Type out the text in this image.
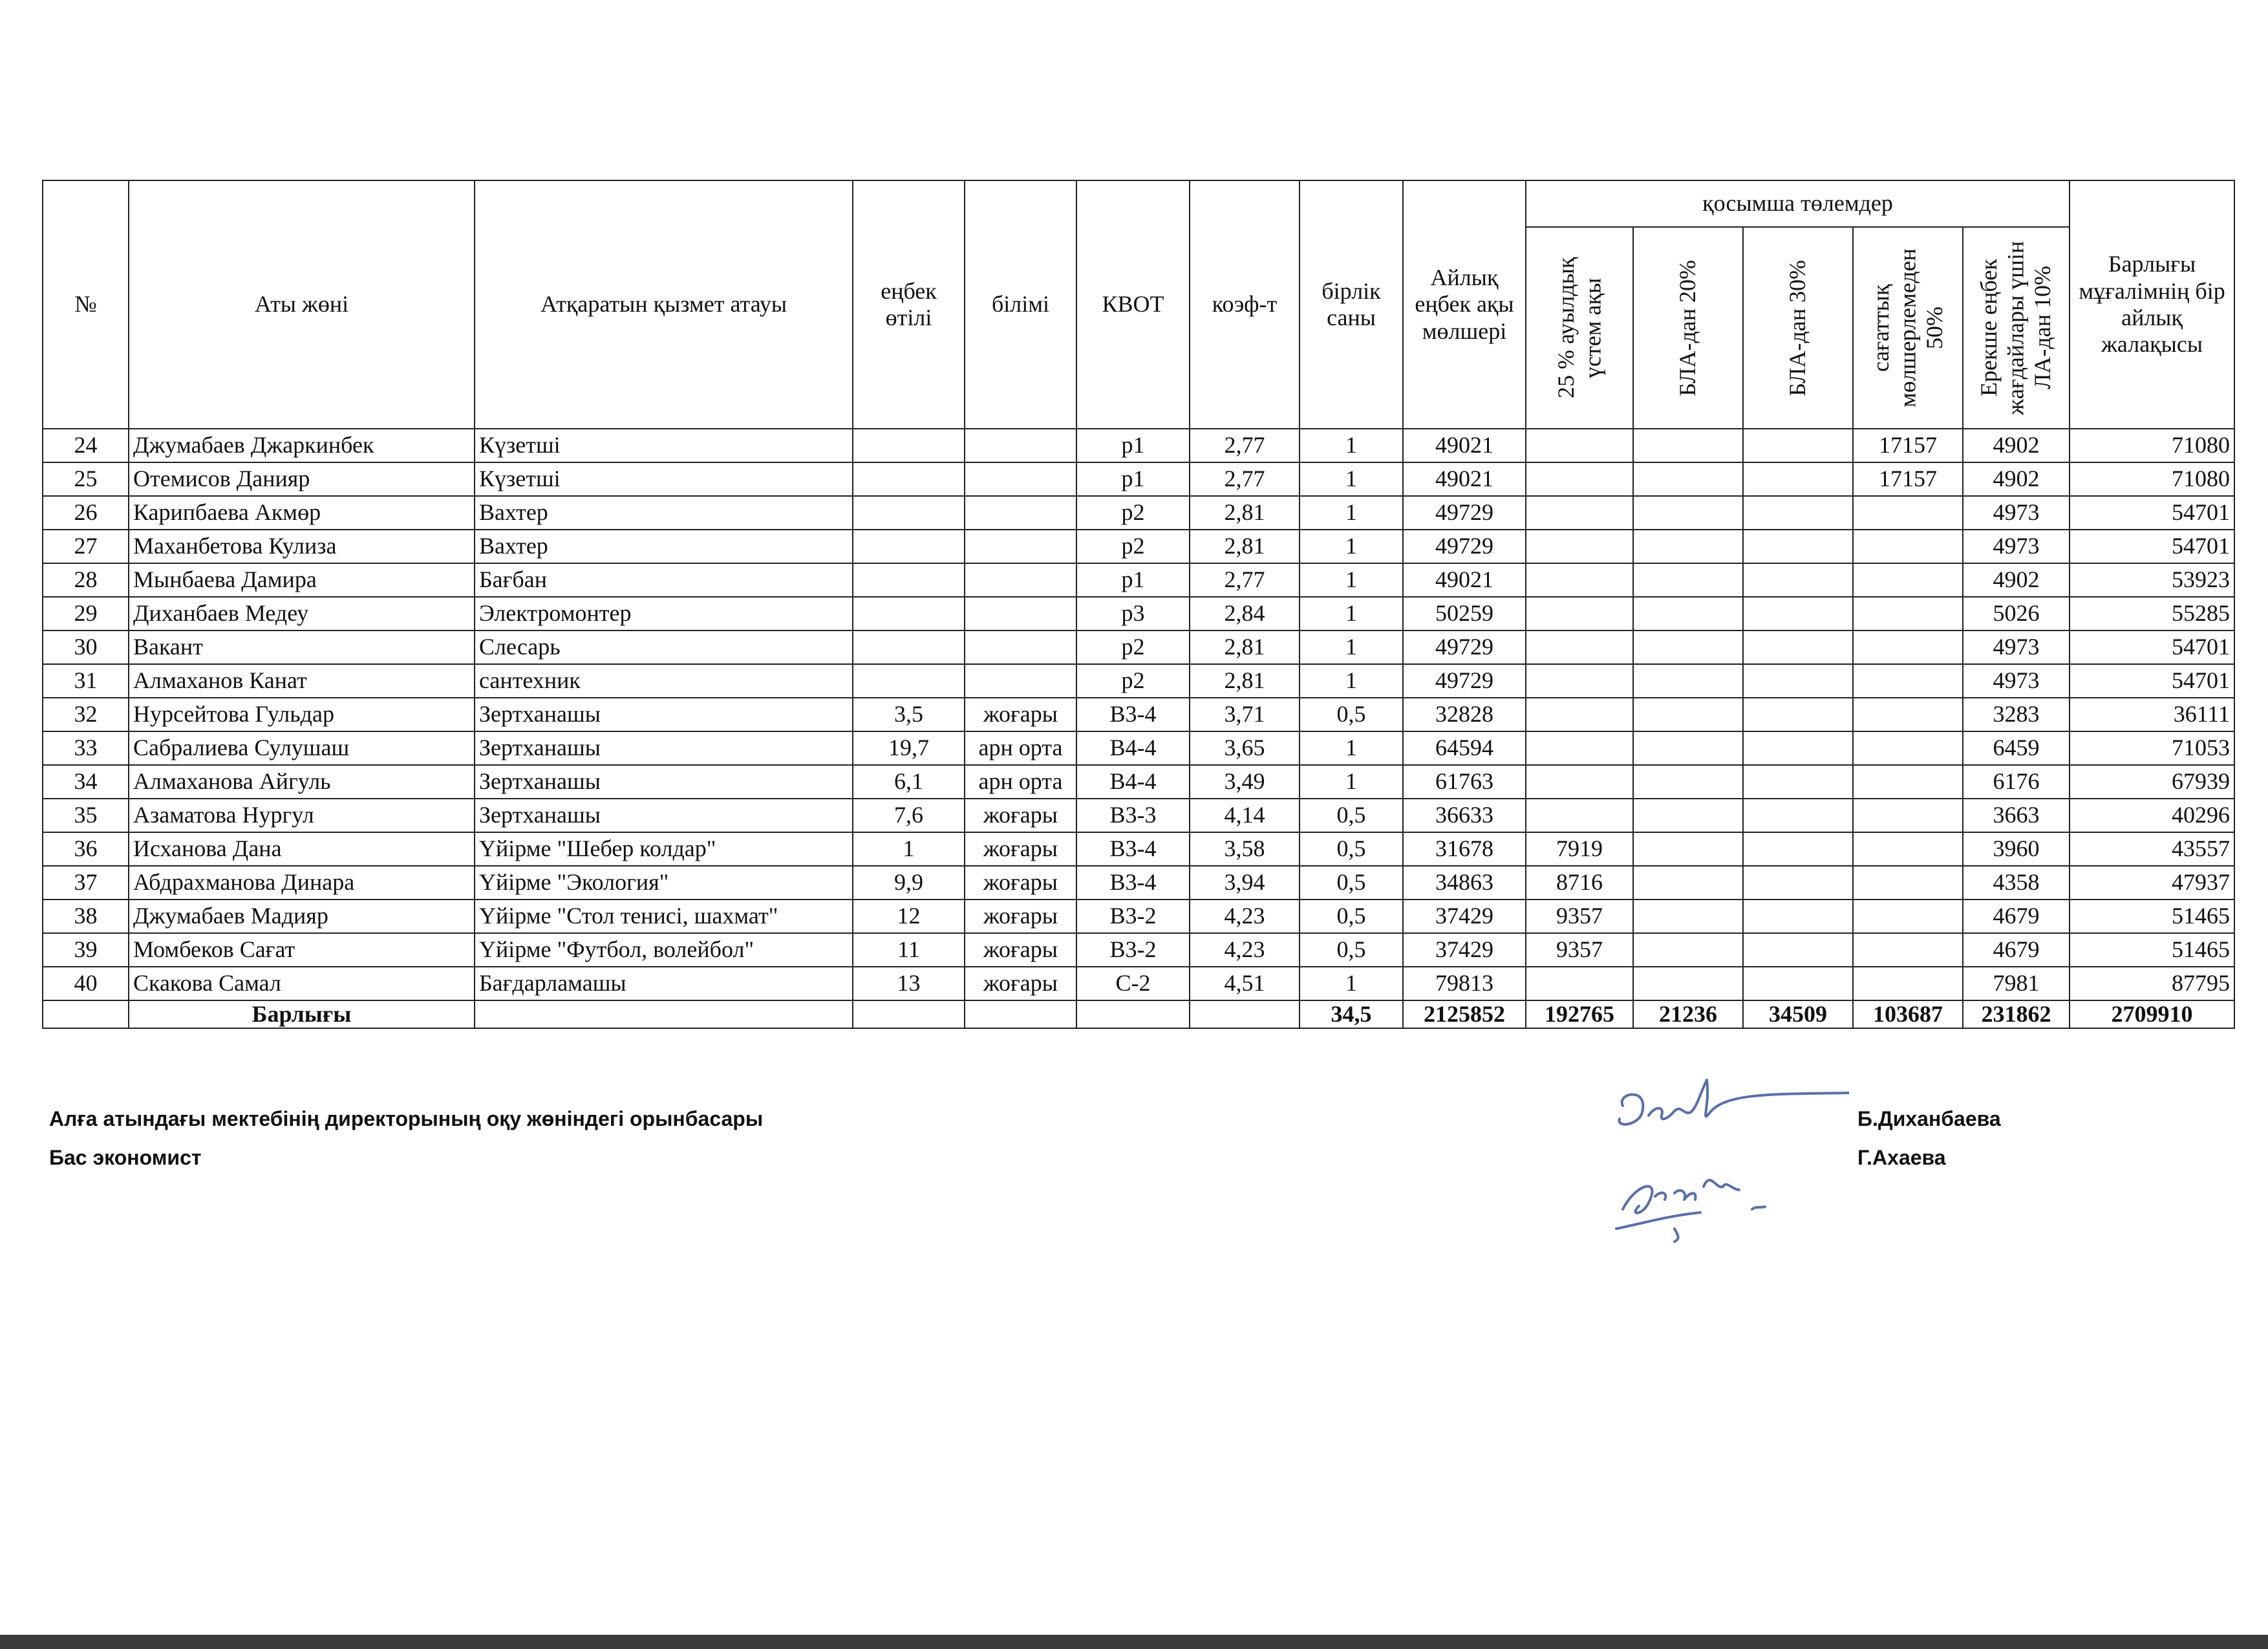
№	Аты жөні	Атқаратын қызмет атауы	еңбек өтілі	білімі	КВОТ	коэф-т	бірлік саны	Айлық еңбек ақы мөлшері	қосымша төлемдер					Барлығы мұғалімнің бір айлық жалақысы

									25 % ауылдық үстем ақы	БЛА-дан 20%	БЛА-дан 30%	сағаттық мөлшерлемеден 50%	Ерекше еңбек жағдайлары үшін ЛА-дан 10%	

24	Джумабаев Джаркинбек	Күзетші			р1	2,77	1	49021				17157	4902	71080
25	Отемисов Данияр	Күзетші			р1	2,77	1	49021				17157	4902	71080
26	Карипбаева Акмөр	Вахтер			р2	2,81	1	49729					4973	54701
27	Маханбетова Кулиза	Вахтер			р2	2,81	1	49729					4973	54701
28	Мынбаева Дамира	Бағбан			р1	2,77	1	49021					4902	53923
29	Диханбаев Медеу	Электромонтер			р3	2,84	1	50259					5026	55285
30	Вакант	Слесарь			р2	2,81	1	49729					4973	54701
31	Алмаханов Канат	сантехник			р2	2,81	1	49729					4973	54701
32	Нурсейтова Гульдар	Зертханашы	3,5	жоғары	В3-4	3,71	0,5	32828					3283	36111
33	Сабралиева Сулушаш	Зертханашы	19,7	арн орта	В4-4	3,65	1	64594					6459	71053
34	Алмаханова Айгуль	Зертханашы	6,1	арн орта	В4-4	3,49	1	61763					6176	67939
35	Азаматова Нургул	Зертханашы	7,6	жоғары	В3-3	4,14	0,5	36633					3663	40296
36	Исханова Дана	Үйірме "Шебер колдар"	1	жоғары	В3-4	3,58	0,5	31678	7919				3960	43557
37	Абдрахманова Динара	Үйірме "Экология"	9,9	жоғары	В3-4	3,94	0,5	34863	8716				4358	47937
38	Джумабаев Мадияр	Үйірме "Стол тенисі, шахмат"	12	жоғары	В3-2	4,23	0,5	37429	9357				4679	51465
39	Момбеков Сағат	Үйірме "Футбол, волейбол"	11	жоғары	В3-2	4,23	0,5	37429	9357				4679	51465
40	Скакова Самал	Бағдарламашы	13	жоғары	С-2	4,51	1	79813					7981	87795
	Барлығы						34,5	2125852	192765	21236	34509	103687	231862	2709910
Алға атындағы мектебінің директорының оқу жөніндегі орынбасары
Бас экономист
Б.Диханбаева
Г.Ахаева
